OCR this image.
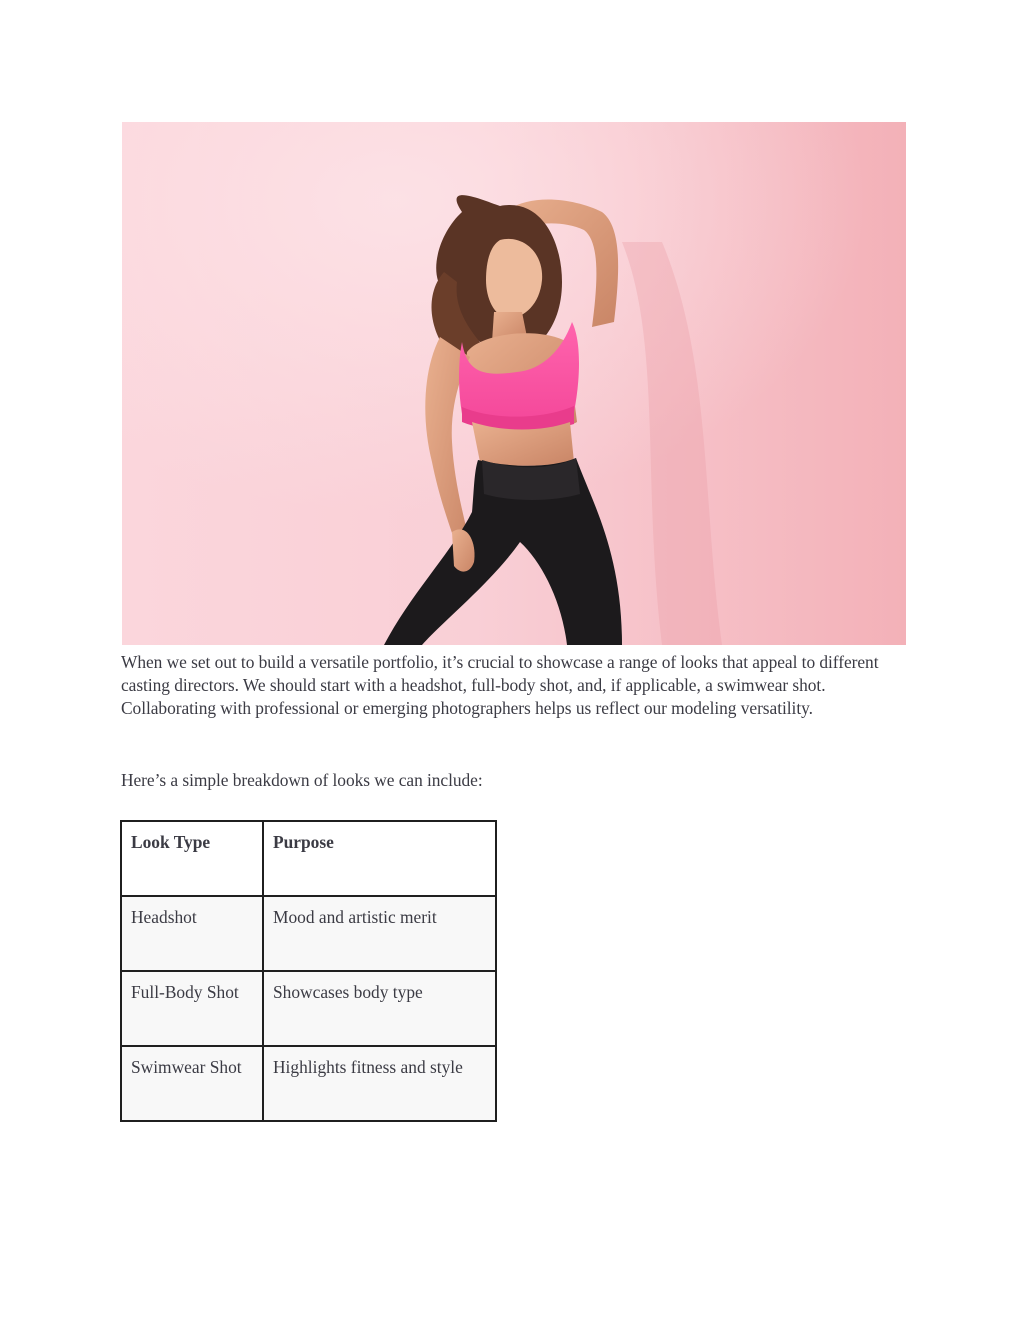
When we set out to build a versatile portfolio, it’s crucial to showcase a range of looks that appeal to different casting directors. We should start with a headshot, full-body shot, and, if applicable, a swimwear shot. Collaborating with professional or emerging photographers helps us reflect our modeling versatility.

Here’s a simple breakdown of looks we can include:

Look Type	Purpose
Headshot	Mood and artistic merit
Full-Body Shot	Showcases body type
Swimwear Shot	Highlights fitness and style
